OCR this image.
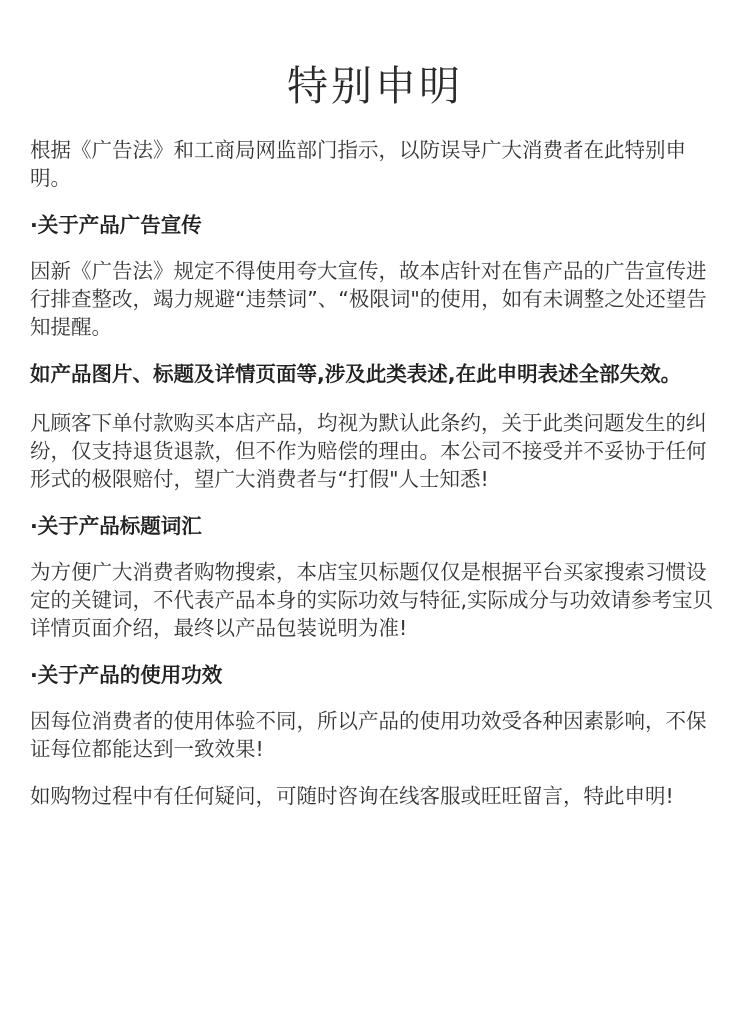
特别申明

根据《广告法》和工商局网监部门指示，以防误导广大消费者在此特别申明。

·关于产品广告宣传

因新《广告法》规定不得使用夸大宣传，故本店针对在售产品的广告宣传进行排查整改，竭力规避“违禁词”、“极限词"的使用，如有未调整之处还望告知提醒。

如产品图片、标题及详情页面等,涉及此类表述,在此申明表述全部失效。

凡顾客下单付款购买本店产品，均视为默认此条约，关于此类问题发生的纠纷，仅支持退货退款，但不作为赔偿的理由。本公司不接受并不妥协于任何形式的极限赔付，望广大消费者与“打假"人士知悉!

·关于产品标题词汇

为方便广大消费者购物搜索，本店宝贝标题仅仅是根据平台买家搜索习惯设定的关键词，不代表产品本身的实际功效与特征,实际成分与功效请参考宝贝详情页面介绍，最终以产品包装说明为准!

·关于产品的使用功效

因每位消费者的使用体验不同，所以产品的使用功效受各种因素影响，不保证每位都能达到一致效果!

如购物过程中有任何疑问，可随时咨询在线客服或旺旺留言，特此申明!
